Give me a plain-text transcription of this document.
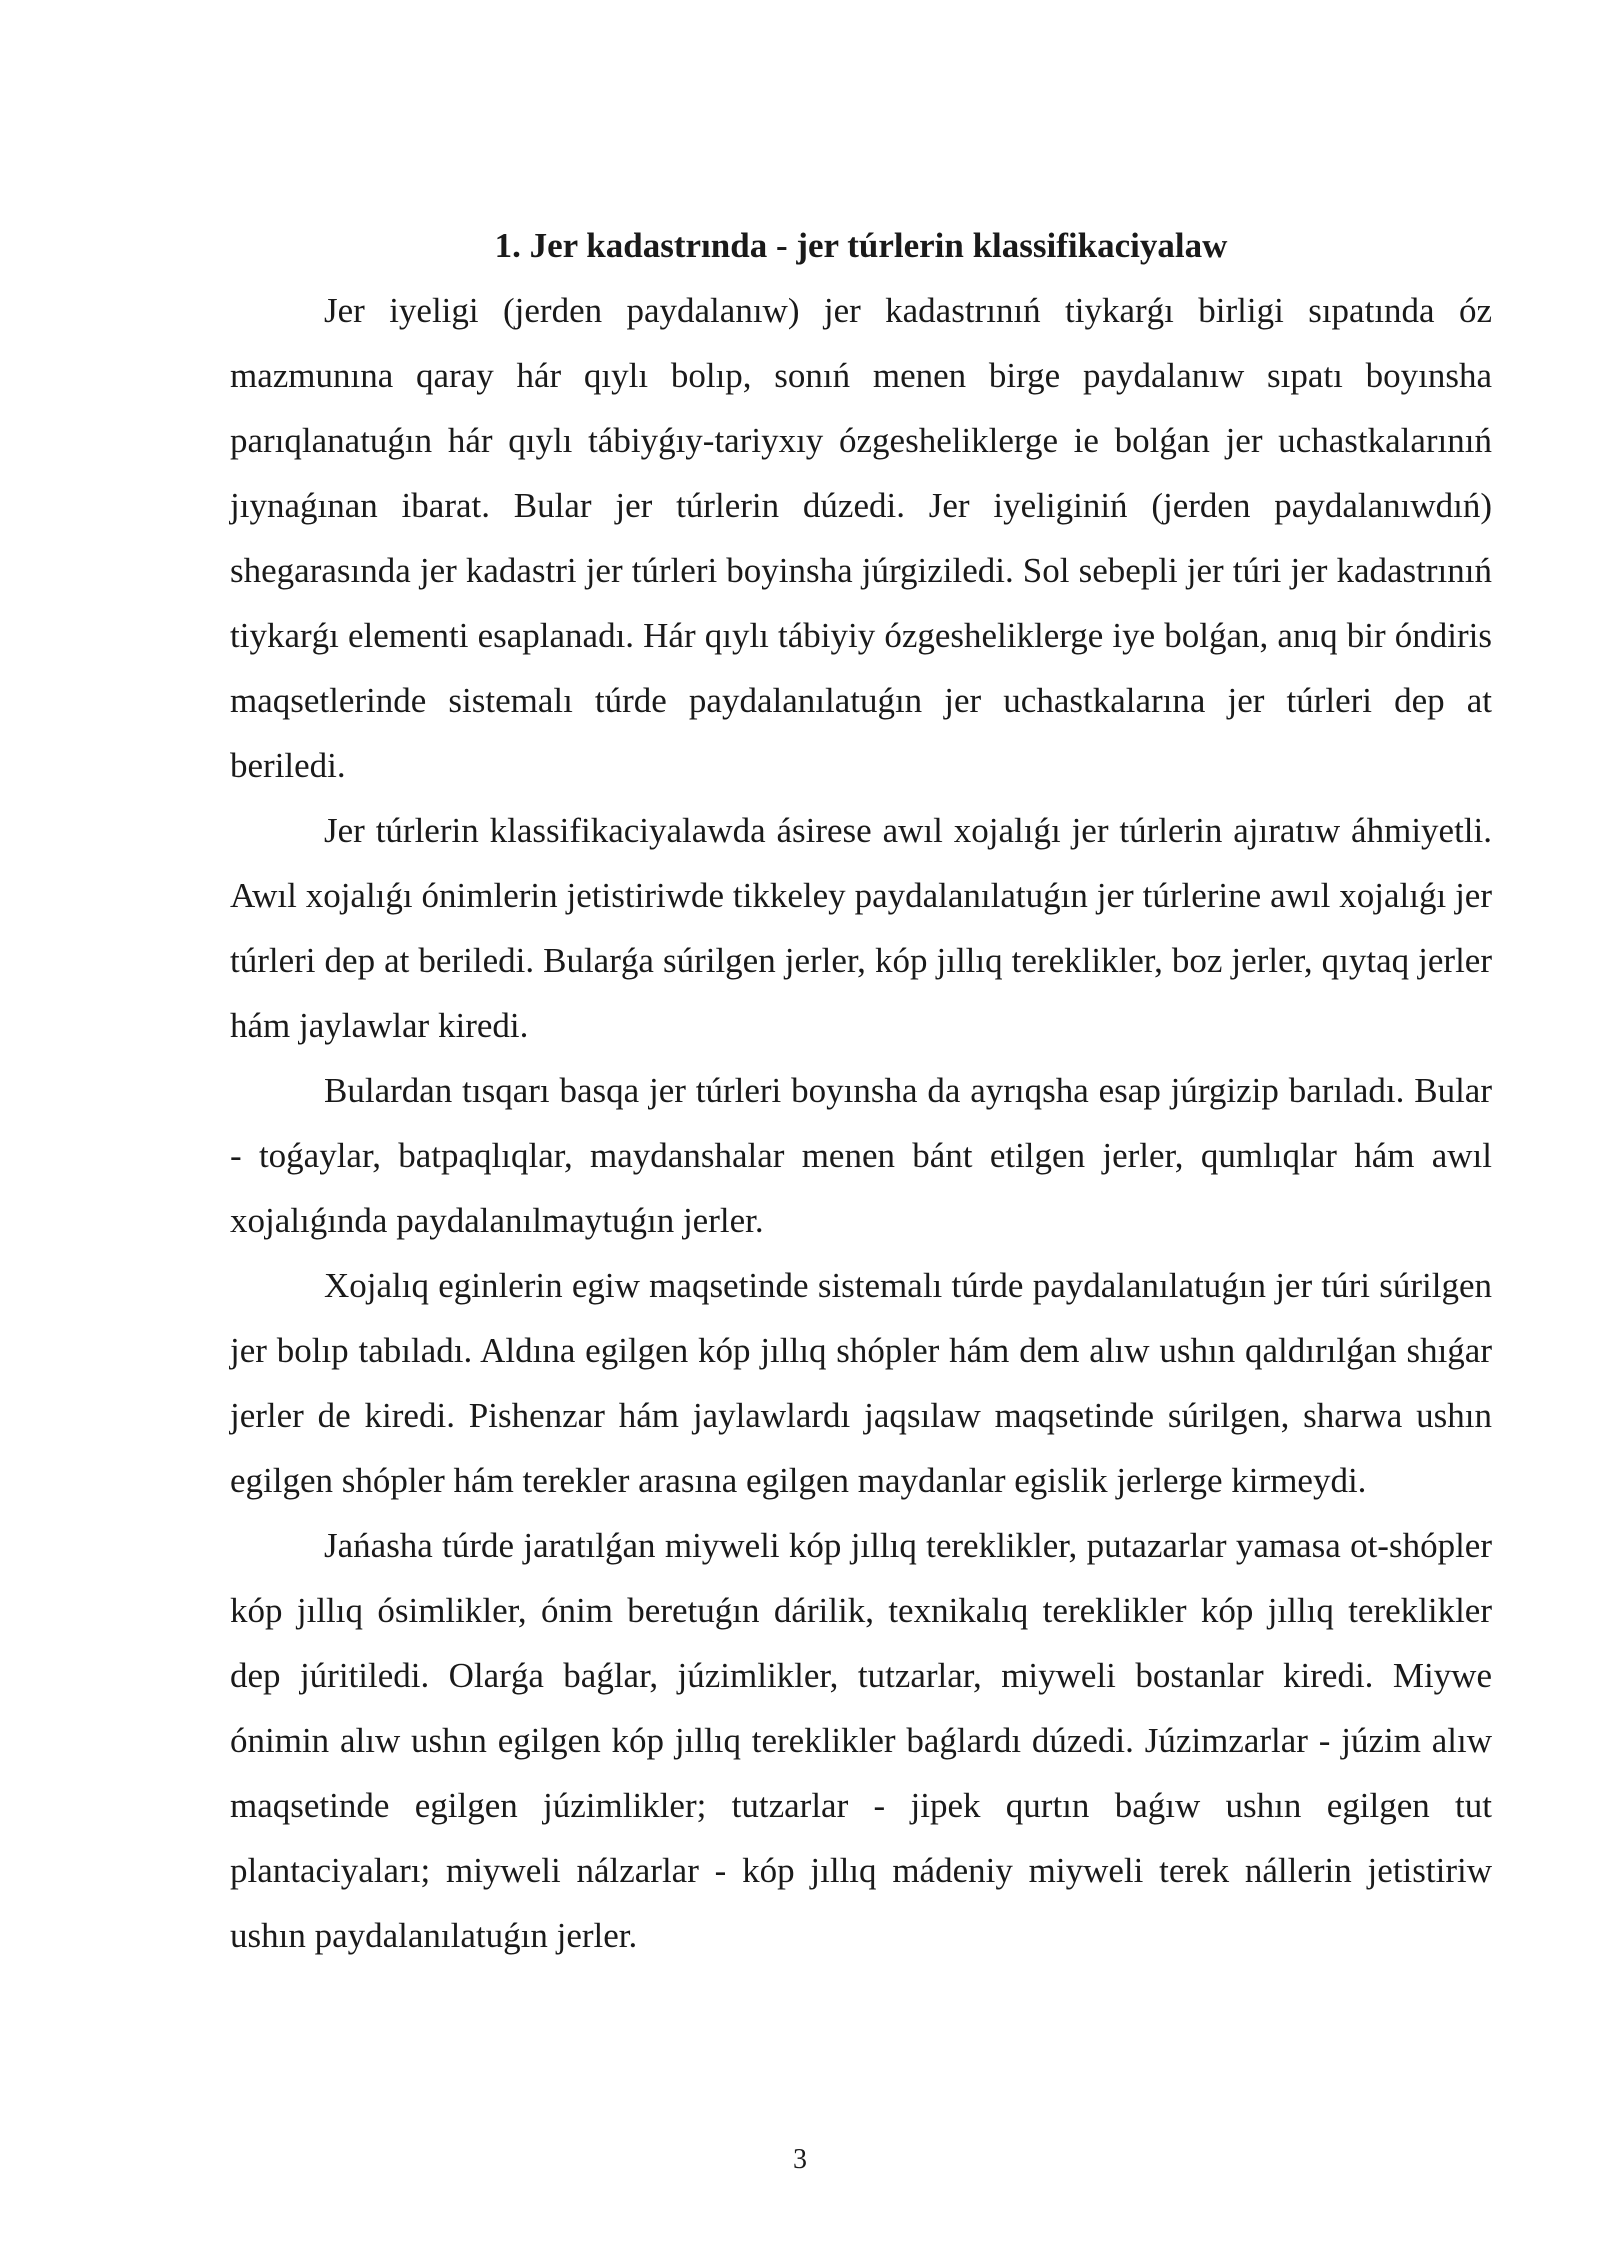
1. Jer kadastrında - jer túrlerin klassifikaciyalaw

Jer iyeligi (jerden paydalanıw) jer kadastrınıń tiykarǵı birligi sıpatında óz mazmunına qaray hár qıylı bolıp, sonıń menen birge paydalanıw sıpatı boyınsha parıqlanatuǵın hár qıylı tábiyǵıy-tariyxıy ózgesheliklerge ie bolǵan jer uchastkalarınıń jıynaǵınan ibarat. Bular jer túrlerin dúzedi. Jer iyeliginiń (jerden paydalanıwdıń) shegarasında jer kadastri jer túrleri boyinsha júrgiziledi. Sol sebepli jer túri jer kadastrınıń tiykarǵı elementi esaplanadı. Hár qıylı tábiyiy ózgesheliklerge iye bolǵan, anıq bir óndiris maqsetlerinde sistemalı túrde paydalanılatuǵın jer uchastkalarına jer túrleri dep at beriledi.

Jer túrlerin klassifikaciyalawda ásirese awıl xojalıǵı jer túrlerin ajıratıw áhmiyetli. Awıl xojalıǵı ónimlerin jetistiriwde tikkeley paydalanılatuǵın jer túrlerine awıl xojalıǵı jer túrleri dep at beriledi. Bularǵa súrilgen jerler, kóp jıllıq tereklikler, boz jerler, qıytaq jerler hám jaylawlar kiredi.

Bulardan tısqarı basqa jer túrleri boyınsha da ayrıqsha esap júrgizip barıladı. Bular - toǵaylar, batpaqlıqlar, maydanshalar menen bánt etilgen jerler, qumlıqlar hám awıl xojalıǵında paydalanılmaytuǵın jerler.

Xojalıq eginlerin egiw maqsetinde sistemalı túrde paydalanılatuǵın jer túri súrilgen jer bolıp tabıladı. Aldına egilgen kóp jıllıq shópler hám dem alıw ushın qaldırılǵan shıǵar jerler de kiredi. Pishenzar hám jaylawlardı jaqsılaw maqsetinde súrilgen, sharwa ushın egilgen shópler hám terekler arasına egilgen maydanlar egislik jerlerge kirmeydi.

Jańasha túrde jaratılǵan miyweli kóp jıllıq tereklikler, putazarlar yamasa ot-shópler kóp jıllıq ósimlikler, ónim beretuǵın dárilik, texnikalıq tereklikler kóp jıllıq tereklikler dep júritiledi. Olarǵa baǵlar, júzimlikler, tutzarlar, miyweli bostanlar kiredi. Miywe ónimin alıw ushın egilgen kóp jıllıq tereklikler baǵlardı dúzedi. Júzimzarlar - júzim alıw maqsetinde egilgen júzimlikler; tutzarlar - jipek qurtın baǵıw ushın egilgen tut plantaciyaları; miyweli nálzarlar - kóp jıllıq mádeniy miyweli terek nállerin jetistiriw ushın paydalanılatuǵın jerler.

3
